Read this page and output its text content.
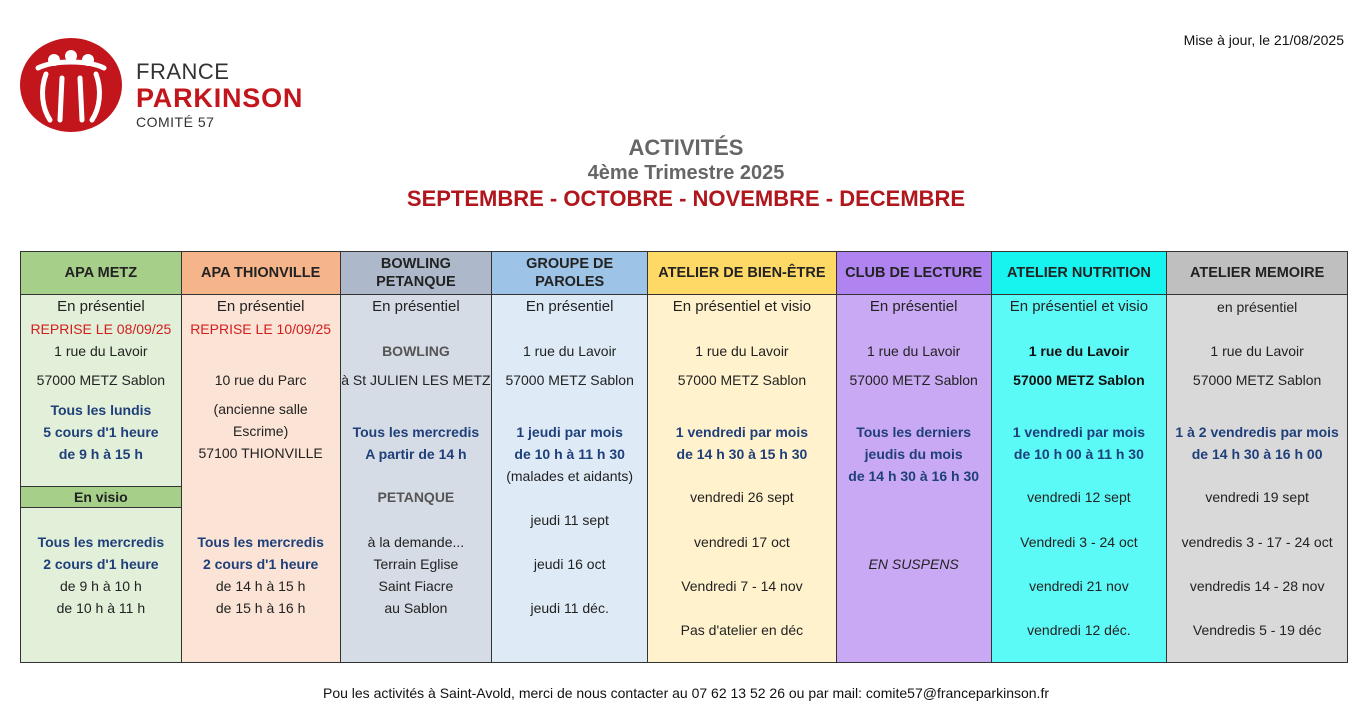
FRANCE
PARKINSON
COMITÉ 57
Mise à jour, le 21/08/2025
ACTIVITÉS
4ème Trimestre 2025
SEPTEMBRE - OCTOBRE - NOVEMBRE - DECEMBRE
APA METZ
En présentiel
REPRISE LE 08/09/25
1 rue du Lavoir
57000 METZ Sablon
Tous les lundis
5 cours d'1 heure
de 9 h à 15 h
En visio
Tous les mercredis
2 cours d'1 heure
de 9 h à 10 h
de 10 h à 11 h
APA THIONVILLE
En présentiel
REPRISE LE 10/09/25
10 rue du Parc
(ancienne salle
Escrime)
57100 THIONVILLE
Tous les mercredis
2 cours d'1 heure
de 14 h à 15 h
de 15 h à 16 h
BOWLING
PETANQUE
En présentiel
BOWLING
à St JULIEN LES METZ
Tous les mercredis
A partir de 14 h
PETANQUE
à la demande...
Terrain Eglise
Saint Fiacre
au Sablon
GROUPE DE
PAROLES
En présentiel
1 rue du Lavoir
57000 METZ Sablon
1 jeudi par mois
de 10 h à 11 h 30
(malades et aidants)
jeudi 11 sept
jeudi 16 oct
jeudi 11 déc.
ATELIER DE BIEN-ÊTRE
En présentiel et visio
1 rue du Lavoir
57000 METZ Sablon
1 vendredi par mois
de 14 h 30 à 15 h 30
vendredi 26 sept
vendredi 17 oct
Vendredi 7 - 14 nov
Pas d'atelier en déc
CLUB DE LECTURE
En présentiel
1 rue du Lavoir
57000 METZ Sablon
Tous les derniers
jeudis du mois
de 14 h 30 à 16 h 30
EN SUSPENS
ATELIER NUTRITION
En présentiel et visio
1 rue du Lavoir
57000 METZ Sablon
1 vendredi par mois
de 10 h 00 à 11 h 30
vendredi 12 sept
Vendredi 3 - 24 oct
vendredi 21 nov
vendredi 12 déc.
ATELIER MEMOIRE
en présentiel
1 rue du Lavoir
57000 METZ Sablon
1 à 2 vendredis par mois
de 14 h 30 à 16 h 00
vendredi 19 sept
vendredis 3 - 17 - 24 oct
vendredis 14 - 28 nov
Vendredis 5 - 19 déc
Pou les activités à Saint-Avold, merci de nous contacter au 07 62 13 52 26 ou par mail: comite57@franceparkinson.fr
